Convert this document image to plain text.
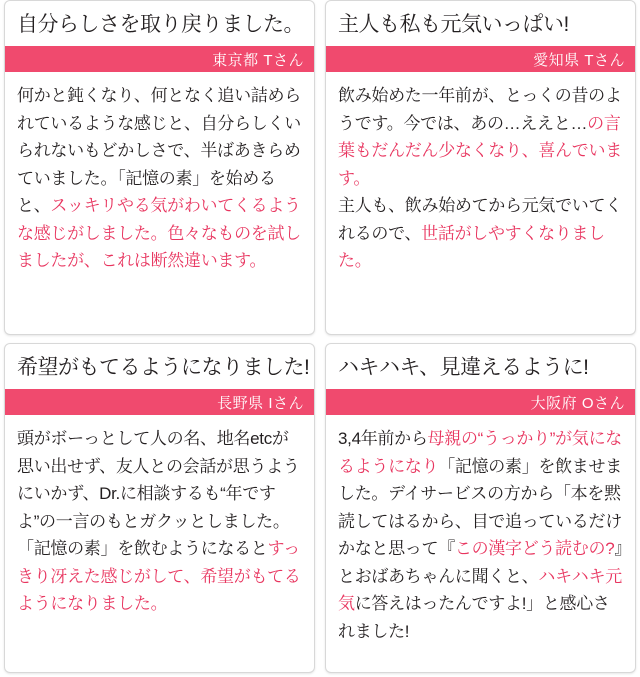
自分らしさを取り戻りました。
東京都 Tさん

何かと鈍くなり、何となく追い詰められているような感じと、自分らしくいられないもどかしさで、半ばあきらめていました。「記憶の素」を始めると、スッキリやる気がわいてくるような感じがしました。色々なものを試しましたが、これは断然違います。

主人も私も元気いっぱい!
愛知県 Tさん

飲み始めた一年前が、とっくの昔のようです。今では、あの…ええと…の言葉もだんだん少なくなり、喜んでいます。

主人も、飲み始めてから元気でいてくれるので、世話がしやすくなりました。

希望がもてるようになりました!
長野県 Iさん

頭がボーっとして人の名、地名etcが思い出せず、友人との会話が思うようにいかず、Dr.に相談するも“年ですよ”の一言のもとガクッとしました。「記憶の素」を飲むようになるとすっきり冴えた感じがして、希望がもてるようになりました。

ハキハキ、見違えるように!
大阪府 Oさん

3,4年前から母親の“うっかり”が気になるようになり「記憶の素」を飲ませました。デイサービスの方から「本を黙読してはるから、目で追っているだけかなと思って『この漢字どう読むの?』とおばあちゃんに聞くと、ハキハキ元気に答えはったんですよ!」と感心されました!
